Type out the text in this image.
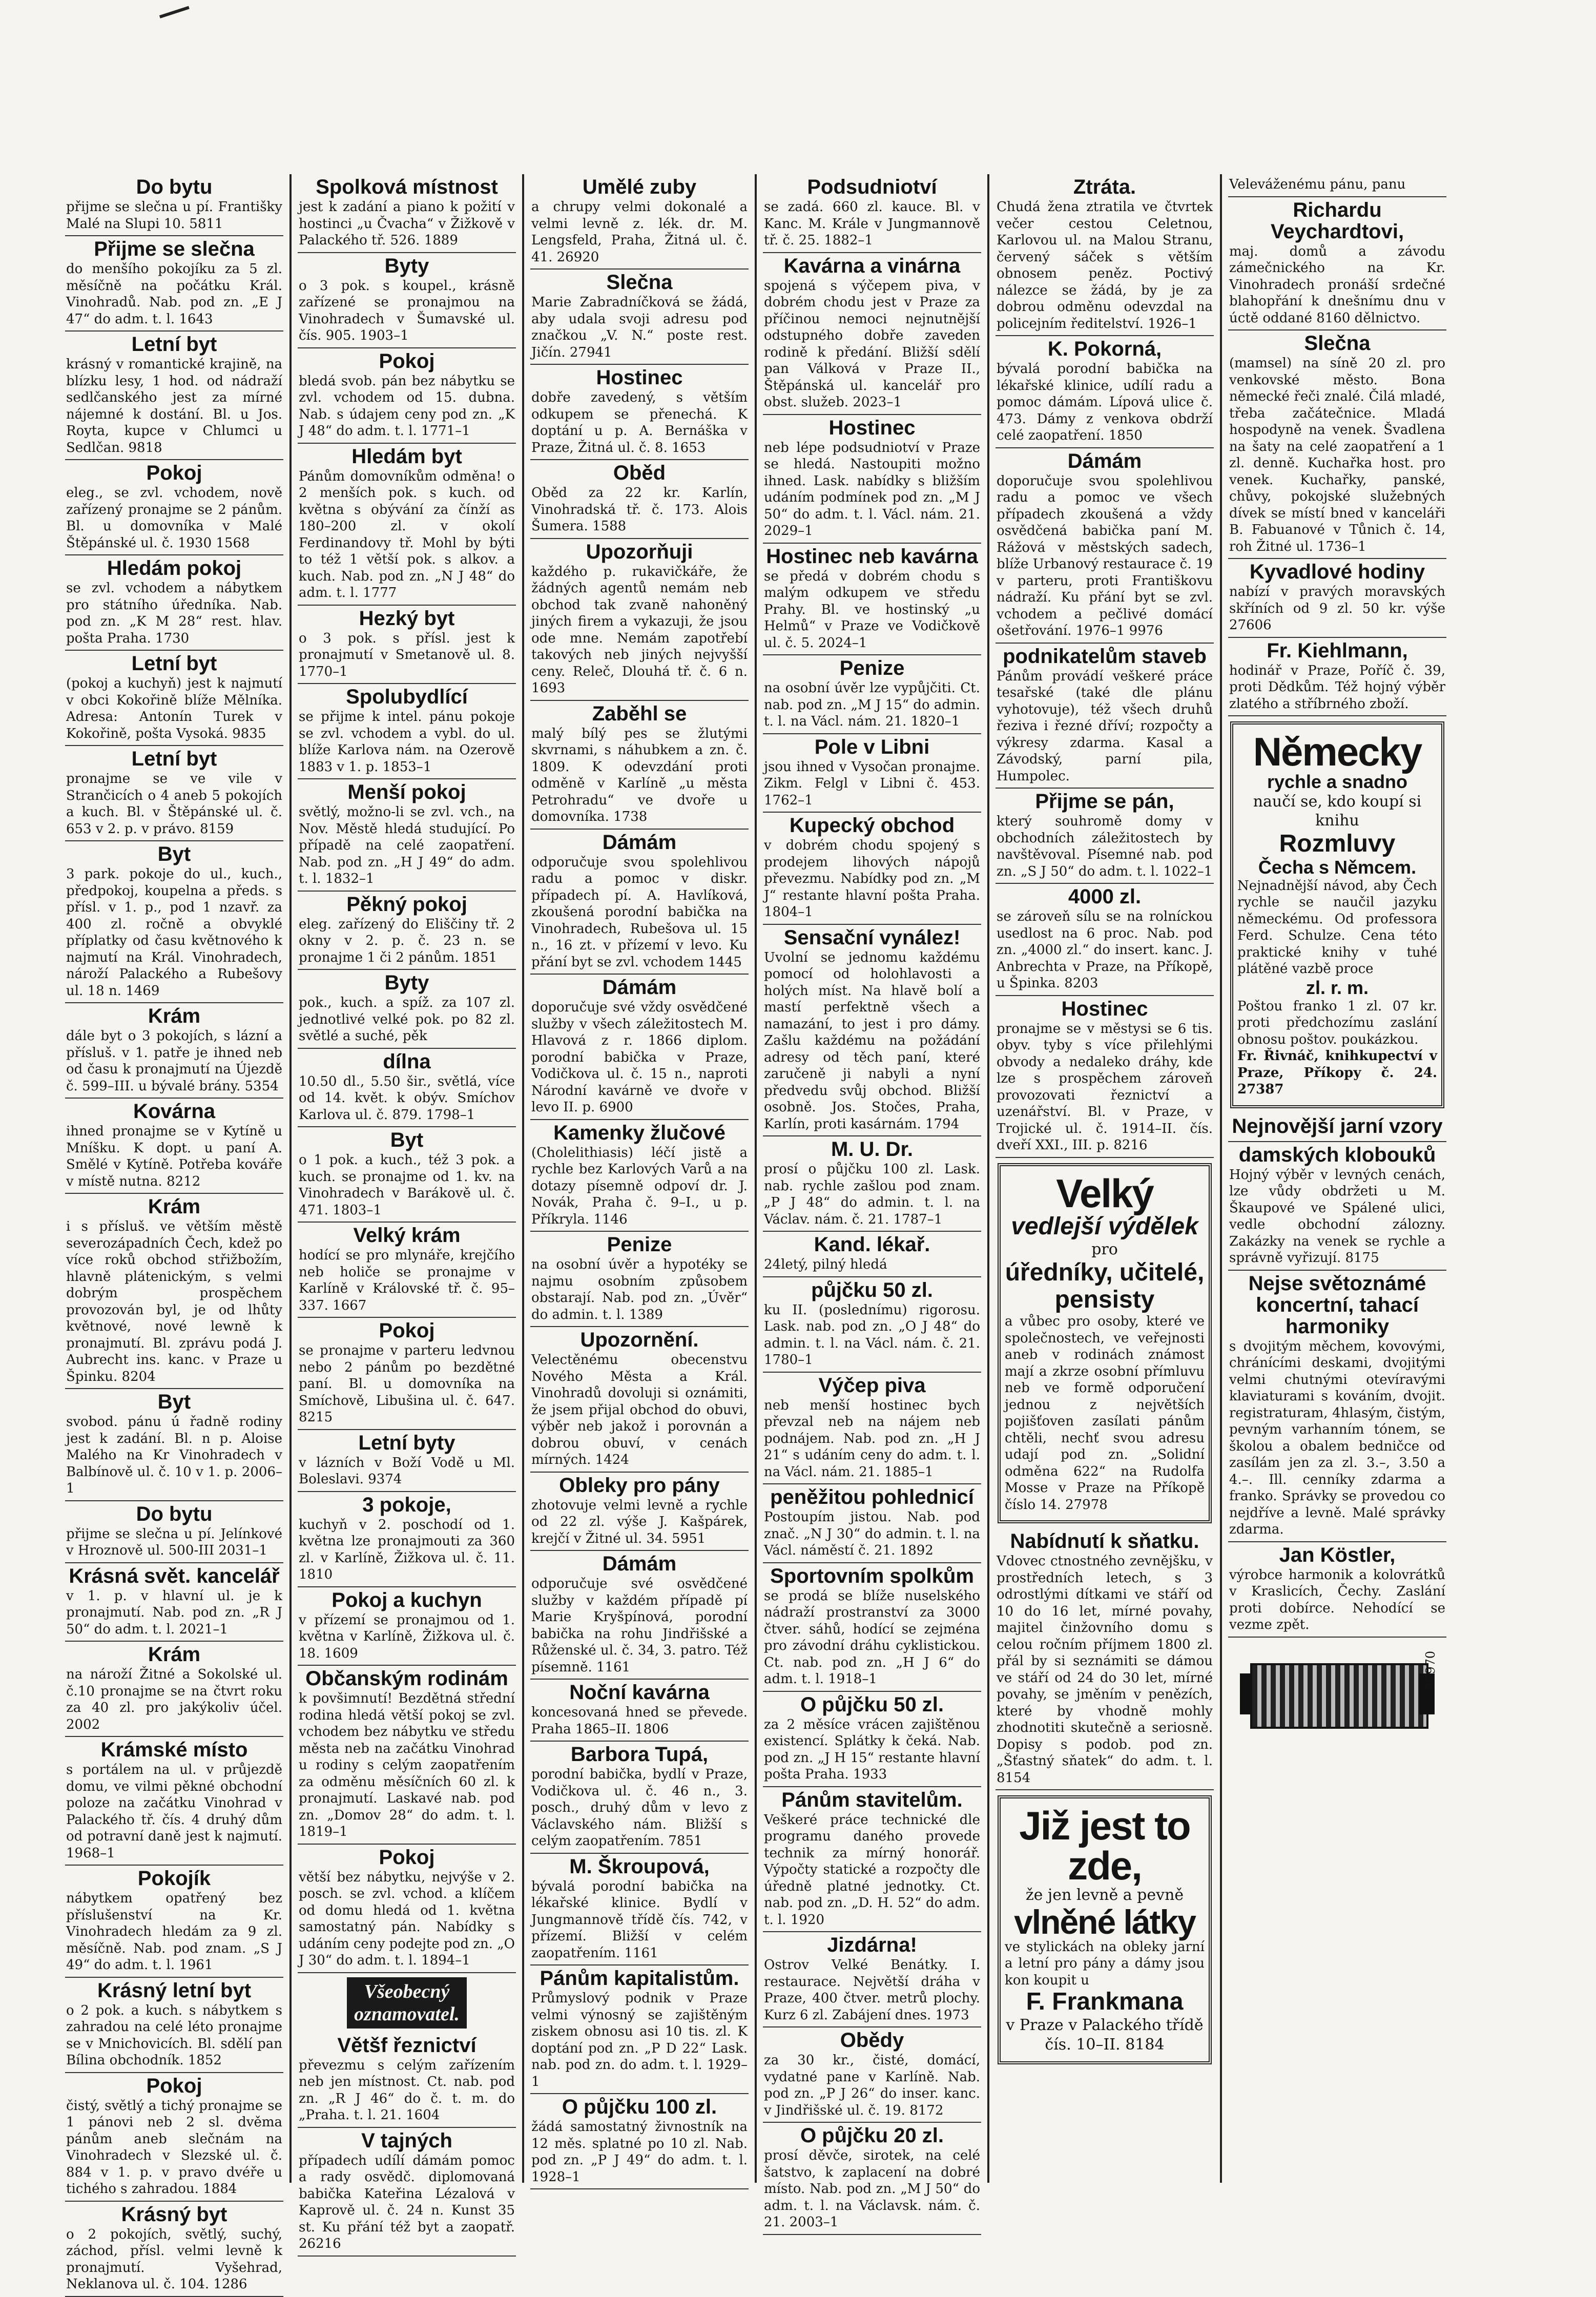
Do bytu
přijme se slečna u pí. Františky Malé na Slupi 10. 5811
Přijme se slečna
do menšího pokojíku za 5 zl. měsíčně na počátku Král. Vinohradů. Nab. pod zn. „E J 47“ do adm. t. l. 1643
Letní byt
krásný v romantické krajině, na blízku lesy, 1 hod. od nádraží sedlčanského jest za mírné nájemné k dostání. Bl. u Jos. Royta, kupce v Chlumci u Sedlčan. 9818
Pokoj
eleg., se zvl. vchodem, nově zařízený pronajme se 2 pánům. Bl. u domovníka v Malé Štěpánské ul. č. 1930 1568
Hledám pokoj
se zvl. vchodem a nábytkem pro státního úředníka. Nab. pod zn. „K M 28“ rest. hlav. pošta Praha. 1730
Letní byt
(pokoj a kuchyň) jest k najmutí v obci Kokořině blíže Mělníka. Adresa: Antonín Turek v Kokořině, pošta Vysoká. 9835
Letní byt
pronajme se ve vile v Strančicích o 4 aneb 5 pokojích a kuch. Bl. v Štěpánské ul. č. 653 v 2. p. v právo. 8159
Byt
3 park. pokoje do ul., kuch., předpokoj, koupelna a předs. s přísl. v 1. p., pod 1 nzavř. za 400 zl. ročně a obvyklé příplatky od času květnového k najmutí na Král. Vinohradech, nároží Palackého a Rubešovy ul. 18 n. 1469
Krám
dále byt o 3 pokojích, s lázní a přísluš. v 1. patře je ihned neb od času k pronajmutí na Újezdě č. 599–III. u bývalé brány. 5354
Kovárna
ihned pronajme se v Kytíně u Mníšku. K dopt. u paní A. Smělé v Kytíně. Potřeba kováře v místě nutna. 8212
Krám
i s přísluš. ve větším městě severozápadních Čech, kdež po více roků obchod střižbožím, hlavně plátenickým, s velmi dobrým prospěchem provozován byl, je od lhůty květnové, nové lewně k pronajmutí. Bl. zprávu podá J. Aubrecht ins. kanc. v Praze u Špinku. 8204
Byt
svobod. pánu ú řadně rodiny jest k zadání. Bl. n p. Aloise Malého na Kr Vinohradech v Balbínově ul. č. 10 v 1. p. 2006–1
Do bytu
přijme se slečna u pí. Jelínkové v Hroznově ul. 500-III 2031–1
Krásná svět. kancelář
v 1. p. v hlavní ul. je k pronajmutí. Nab. pod zn. „R J 50“ do adm. t. l. 2021–1
Krám
na nároží Žitné a Sokolské ul. č.10 pronajme se na čtvrt roku za 40 zl. pro jakýkoliv účel. 2002
Krámské místo
s portálem na ul. v průjezdě domu, ve vilmi pěkné obchodní poloze na začátku Vinohrad v Palackého tř. čís. 4 druhý dům od potravní daně jest k najmutí. 1968–1
Pokojík
nábytkem opatřený bez příslušenství na Kr. Vinohradech hledám za 9 zl. měsíčně. Nab. pod znam. „S J 49“ do adm. t. l. 1961
Krásný letní byt
o 2 pok. a kuch. s nábytkem s zahradou na celé léto pronajme se v Mnichovicích. Bl. sdělí pan Bílina obchodník. 1852
Pokoj
čistý, světlý a tichý pronajme se 1 pánovi neb 2 sl. dvěma pánům aneb slečnám na Vinohradech v Slezské ul. č. 884 v 1. p. v pravo dvéře u tichého s zahradou. 1884
Krásný byt
o 2 pokojích, světlý, suchý, záchod, přísl. velmi levně k pronajmutí. Vyšehrad, Neklanova ul. č. 104. 1286
Spolková místnost
jest k zadání a piano k požití v hostinci „u Čvacha“ v Žižkově v Palackého tř. 526. 1889
Byty
o 3 pok. s koupel., krásně zařízené se pronajmou na Vinohradech v Šumavské ul. čís. 905. 1903–1
Pokoj
bledá svob. pán bez nábytku se zvl. vchodem od 15. dubna. Nab. s údajem ceny pod zn. „K J 48“ do adm. t. l. 1771–1
Hledám byt
Pánům domovníkům odměna! o 2 menších pok. s kuch. od května s obývání za čínží as 180–200 zl. v okolí Ferdinandovy tř. Mohl by býti to též 1 větší pok. s alkov. a kuch. Nab. pod zn. „N J 48“ do adm. t. l. 1777
Hezký byt
o 3 pok. s přísl. jest k pronajmutí v Smetanově ul. 8. 1770–1
Spolubydlící
se přijme k intel. pánu pokoje se zvl. vchodem a vybl. do ul. blíže Karlova nám. na Ozerově 1883 v 1. p. 1853–1
Menší pokoj
světlý, možno-li se zvl. vch., na Nov. Městě hledá studující. Po případě na celé zaopatření. Nab. pod zn. „H J 49“ do adm. t. l. 1832–1
Pěkný pokoj
eleg. zařízený do Eliščiny tř. 2 okny v 2. p. č. 23 n. se pronajme 1 či 2 pánům. 1851
Byty
pok., kuch. a spíž. za 107 zl. jednotlivé velké pok. po 82 zl. světlé a suché, pěk
dílna
10.50 dl., 5.50 šir., světlá, více od 14. květ. k obýv. Smíchov Karlova ul. č. 879. 1798–1
Byt
o 1 pok. a kuch., též 3 pok. a kuch. se pronajme od 1. kv. na Vinohradech v Barákově ul. č. 471. 1803–1
Velký krám
hodící se pro mlynáře, krejčího neb holiče se pronajme v Karlíně v Královské tř. č. 95–337. 1667
Pokoj
se pronajme v parteru ledvnou nebo 2 pánům po bezdětné paní. Bl. u domovníka na Smíchově, Libušina ul. č. 647. 8215
Letní byty
v lázních v Boží Vodě u Ml. Boleslavi. 9374
3 pokoje,
kuchyň v 2. poschodí od 1. května lze pronajmouti za 360 zl. v Karlíně, Žižkova ul. č. 11. 1810
Pokoj a kuchyn
v přízemí se pronajmou od 1. května v Karlíně, Žižkova ul. č. 18. 1609
Občanským rodinám
k povšimnutí! Bezdětná střední rodina hledá větší pokoj se zvl. vchodem bez nábytku ve středu města neb na začátku Vinohrad u rodiny s celým zaopatřením za odměnu měsíčních 60 zl. k pronajmutí. Laskavé nab. pod zn. „Domov 28“ do adm. t. l. 1819–1
Pokoj
větší bez nábytku, nejvýše v 2. posch. se zvl. vchod. a klíčem od domu hledá od 1. května samostatný pán. Nabídky s udáním ceny podejte pod zn. „O J 30“ do adm. t. l. 1894–1
Všeobecný
oznamovatel.
Většf řeznictví
převezmu s celým zařízením neb jen místnost. Ct. nab. pod zn. „R J 46“ do č. t. m. do „Praha. t. l. 21. 1604
V tajných
případech udílí dámám pomoc a rady osvědč. diplomovaná babička Kateřina Lézalová v Kaprově ul. č. 24 n. Kunst 35 st. Ku přání též byt a zaopatř. 26216
Umělé zuby
a chrupy velmi dokonalé a velmi levně z. lék. dr. M. Lengsfeld, Praha, Žitná ul. č. 41. 26920
Slečna
Marie Zabradníčková se žádá, aby udala svoji adresu pod značkou „V. N.“ poste rest. Jičín. 27941
Hostinec
dobře zavedený, s větším odkupem se přenechá. K doptání u p. A. Bernáška v Praze, Žitná ul. č. 8. 1653
Oběd
Oběd za 22 kr. Karlín, Vinohradská tř. č. 173. Alois Šumera. 1588
Upozorňuji
každého p. rukavičkáře, že žádných agentů nemám neb obchod tak zvaně nahoněný jiných firem a vykazuji, že jsou ode mne. Nemám zapotřebí takových neb jiných nejvyšší ceny. Releč, Dlouhá tř. č. 6 n. 1693
Zaběhl se
malý bílý pes se žlutými skvrnami, s náhubkem a zn. č. 1809. K odevzdání proti odměně v Karlíně „u města Petrohradu“ ve dvoře u domovníka. 1738
Dámám
odporučuje svou spolehlivou radu a pomoc v diskr. případech pí. A. Havlíková, zkoušená porodní babička na Vinohradech, Rubešova ul. 15 n., 16 zt. v přízemí v levo. Ku přání byt se zvl. vchodem 1445
Dámám
doporučuje své vždy osvědčené služby v všech záležitostech M. Hlavová z r. 1866 diplom. porodní babička v Praze, Vodičkova ul. č. 15 n., naproti Národní kavárně ve dvoře v levo II. p. 6900
Kamenky žlučové
(Cholelithiasis) léčí jistě a rychle bez Karlových Varů a na dotazy písemně odpoví dr. J. Novák, Praha č. 9–I., u p. Příkryla. 1146
Penize
na osobní úvěr a hypotéky se najmu osobním způsobem obstarají. Nab. pod zn. „Úvěr“ do admin. t. l. 1389
Upozornění.
Velectěnému obecenstvu Nového Města a Král. Vinohradů dovoluji si oznámiti, že jsem přijal obchod do obuvi, výběr neb jakož i porovnán a dobrou obuví, v cenách mírných. 1424
Obleky pro pány
zhotovuje velmi levně a rychle od 22 zl. výše J. Kašpárek, krejčí v Žitné ul. 34. 5951
Dámám
odporučuje své osvědčené služby v každém případě pí Marie Kryšpínová, porodní babička na rohu Jindřišské a Růženské ul. č. 34, 3. patro. Též písemně. 1161
Noční kavárna
koncesovaná hned se převede. Praha 1865–II. 1806
Barbora Tupá,
porodní babička, bydlí v Praze, Vodičkova ul. č. 46 n., 3. posch., druhý dům v levo z Václavského nám. Bližší s celým zaopatřením. 7851
M. Škroupová,
bývalá porodní babička na lékařské klinice. Bydlí v Jungmannově třídě čís. 742, v přízemí. Bližší v celém zaopatřením. 1161
Pánům kapitalistům.
Průmyslový podnik v Praze velmi výnosný se zajištěným ziskem obnosu asi 10 tis. zl. K doptání pod zn. „P D 22“ Lask. nab. pod zn. do adm. t. l. 1929–1
O půjčku 100 zl.
žádá samostatný živnostník na 12 měs. splatné po 10 zl. Nab. pod zn. „P J 49“ do adm. t. l. 1928–1
Podsudniotví
se zadá. 660 zl. kauce. Bl. v Kanc. M. Krále v Jungmannově tř. č. 25. 1882–1
Kavárna a vinárna
spojená s výčepem piva, v dobrém chodu jest v Praze za příčinou nemoci nejnutnější odstupného dobře zaveden rodině k předání. Bližší sdělí pan Válková v Praze II., Štěpánská ul. kancelář pro obst. služeb. 2023–1
Hostinec
neb lépe podsudniotví v Praze se hledá. Nastoupiti možno ihned. Lask. nabídky s bližším udáním podmínek pod zn. „M J 50“ do adm. t. l. Václ. nám. 21. 2029–1
Hostinec neb kavárna
se předá v dobrém chodu s malým odkupem ve středu Prahy. Bl. ve hostinský „u Helmů“ v Praze ve Vodičkově ul. č. 5. 2024–1
Penize
na osobní úvěr lze vypůjčiti. Ct. nab. pod zn. „M J 15“ do admin. t. l. na Václ. nám. 21. 1820–1
Pole v Libni
jsou ihned v Vysočan pronajme. Zikm. Felgl v Libni č. 453. 1762–1
Kupecký obchod
v dobrém chodu spojený s prodejem lihových nápojů převezmu. Nabídky pod zn. „M J“ restante hlavní pošta Praha. 1804–1
Sensační vynález!
Uvolní se jednomu každému pomocí od holohlavosti a holých míst. Na hlavě bolí a mastí perfektně všech a namazání, to jest i pro dámy. Zašlu každému na požádání adresy od těch paní, které zaručeně ji nabyli a nyní předvedu svůj obchod. Bližší osobně. Jos. Stočes, Praha, Karlín, proti kasárnám. 1794
M. U. Dr.
prosí o půjčku 100 zl. Lask. nab. rychle zašlou pod znam. „P J 48“ do admin. t. l. na Václav. nám. č. 21. 1787–1
Kand. lékař.
24letý, pilný hledá
půjčku 50 zl.
ku II. (poslednímu) rigorosu. Lask. nab. pod zn. „O J 48“ do admin. t. l. na Václ. nám. č. 21. 1780–1
Výčep piva
neb menší hostinec bych převzal neb na nájem neb podnájem. Nab. pod zn. „H J 21“ s udáním ceny do adm. t. l. na Václ. nám. 21. 1885–1
peněžitou pohlednicí
Postoupím jistou. Nab. pod znač. „N J 30“ do admin. t. l. na Václ. náměstí č. 21. 1892
Sportovním spolkům
se prodá se blíže nuselského nádraží prostranství za 3000 čtver. sáhů, hodící se zejména pro závodní dráhu cyklistickou. Ct. nab. pod zn. „H J 6“ do adm. t. l. 1918–1
O půjčku 50 zl.
za 2 měsíce vrácen zajištěnou existencí. Splátky k čeká. Nab. pod zn. „J H 15“ restante hlavní pošta Praha. 1933
Pánům stavitelům.
Veškeré práce technické dle programu daného provede technik za mírný honorář. Výpočty statické a rozpočty dle úředně platné jednotky. Ct. nab. pod zn. „D. H. 52“ do adm. t. l. 1920
Jizdárna!
Ostrov Velké Benátky. I. restaurace. Největší dráha v Praze, 400 čtver. metrů plochy. Kurz 6 zl. Zabájení dnes. 1973
Obědy
za 30 kr., čisté, domácí, vydatné pane v Karlíně. Nab. pod zn. „P J 26“ do inser. kanc. v Jindřišské ul. č. 19. 8172
O půjčku 20 zl.
prosí děvče, sirotek, na celé šatstvo, k zaplacení na dobré místo. Nab. pod zn. „M J 50“ do adm. t. l. na Václavsk. nám. č. 21. 2003–1
Ztráta.
Chudá žena ztratila ve čtvrtek večer cestou Celetnou, Karlovou ul. na Malou Stranu, červený sáček s větším obnosem peněz. Poctivý nálezce se žádá, by je za dobrou odměnu odevzdal na policejním ředitelství. 1926–1
K. Pokorná,
bývalá porodní babička na lékařské klinice, udílí radu a pomoc dámám. Lípová ulice č. 473. Dámy z venkova obdrží celé zaopatření. 1850
Dámám
doporučuje svou spolehlivou radu a pomoc ve všech případech zkoušená a vždy osvědčená babička paní M. Rážová v městských sadech, blíže Urbanový restaurace č. 19 v parteru, proti Františkovu nádraží. Ku přání byt se zvl. vchodem a pečlivé domácí ošetřování. 1976–1 9976
podnikatelům staveb
Pánům provádí veškeré práce tesařské (také dle plánu vyhotovuje), též všech druhů řeziva i řezné dříví; rozpočty a výkresy zdarma. Kasal a Závodský, parní pila, Humpolec.
Přijme se pán,
který souhromě domy v obchodních záležitostech by navštěvoval. Písemné nab. pod zn. „S J 50“ do adm. t. l. 1022–1
4000 zl.
se zároveň sílu se na rolníckou usedlost na 6 proc. Nab. pod zn. „4000 zl.“ do insert. kanc. J. Anbrechta v Praze, na Příkopě, u Špinka. 8203
Hostinec
pronajme se v městysi se 6 tis. obyv. tyby s více přilehlými obvody a nedaleko dráhy, kde lze s prospěchem zároveň provozovati řeznictví a uzenářství. Bl. v Praze, v Trojické ul. č. 1914–II. čís. dveří XXI., III. p. 8216
Velký
vedlejší výdělek
pro
úředníky, učitelé, pensisty
a vůbec pro osoby, které ve společnostech, ve veřejnosti aneb v rodinách známost mají a zkrze osobní přímluvu neb ve formě odporučení jednou z největších pojišťoven zasílati pánům chtěli, nechť svou adresu udají pod zn. „Solidní odměna 622“ na Rudolfa Mosse v Praze na Příkopě číslo 14. 27978
Nabídnutí k sňatku.
Vdovec ctnostného zevnějšku, v prostředních letech, s 3 odrostlými dítkami ve stáří od 10 do 16 let, mírné povahy, majitel činžovního domu s celou ročním příjmem 1800 zl. přál by si seznámiti se dámou ve stáří od 24 do 30 let, mírné povahy, se jměním v penězích, které by vhodně mohly zhodnotiti skutečně a seriosně. Dopisy s podob. pod zn. „Šťastný sňatek“ do adm. t. l. 8154
Již jest to zde,
že jen levně a pevně
vlněné látky
ve stylickách na obleky jarní a letní pro pány a dámy jsou kon koupit u
F. Frankmana
v Praze v Palackého třídě čís. 10–II. 8184
Veleváženému pánu, panu
Richardu Veychardtovi,
maj. domů a závodu zámečnického na Kr. Vinohradech pronáší srdečné blahopřání k dnešnímu dnu v úctě oddané 8160 dělnictvo.
Slečna
(mamsel) na síně 20 zl. pro venkovské město. Bona německé řeči znalé. Čilá mladé, třeba začátečnice. Mladá hospodyně na venek. Švadlena na šaty na celé zaopatření a 1 zl. denně. Kuchařka host. pro venek. Kuchařky, panské, chůvy, pokojské služebných dívek se místí bned v kanceláři B. Fabuanové v Tůnich č. 14, roh Žitné ul. 1736–1
Kyvadlové hodiny
nabízí v pravých moravských skříních od 9 zl. 50 kr. výše 27606
Fr. Kiehlmann,
hodinář v Praze, Poříč č. 39, proti Dědkům. Též hojný výběr zlatého a stříbrného zboží.
Německy
rychle a snadno
naučí se, kdo koupí si knihu
Rozmluvy
Čecha s Němcem.
Nejnadnější návod, aby Čech rychle se naučil jazyku německému. Od professora Ferd. Schulze. Cena této praktické knihy v tuhé plátěné vazbě proce
zl. r. m.
Poštou franko 1 zl. 07 kr. proti předchozímu zaslání obnosu poštov. poukázkou.
Fr. Řivnáč, knihkupectví v Praze, Příkopy č. 24. 27387
Nejnovější jarní vzory
damských klobouků
Hojný výběr v levných cenách, lze vůdy obdržeti u M. Škaupové ve Spálené ulici, vedle obchodní zálozny. Zakázky na venek se rychle a správně vyřizují. 8175
Nejse světoznámé koncertní, tahací harmoniky
s dvojitým měchem, kovovými, chránícími deskami, dvojitými velmi chutnými otevíravými klaviaturami s kováním, dvojit. registraturam, 4hlasým, čistým, pevným varhanním tónem, se školou a obalem bedničce od zasílám jen za zl. 3.–, 3.50 a 4.–. Ill. cenníky zdarma a franko. Správky se provedou co nejdříve a levně. Malé správky zdarma.
Jan Köstler,
výrobce harmonik a kolovrátků v Kraslicích, Čechy. Zaslání proti dobírce. Nehodící se vezme zpět.
27970
